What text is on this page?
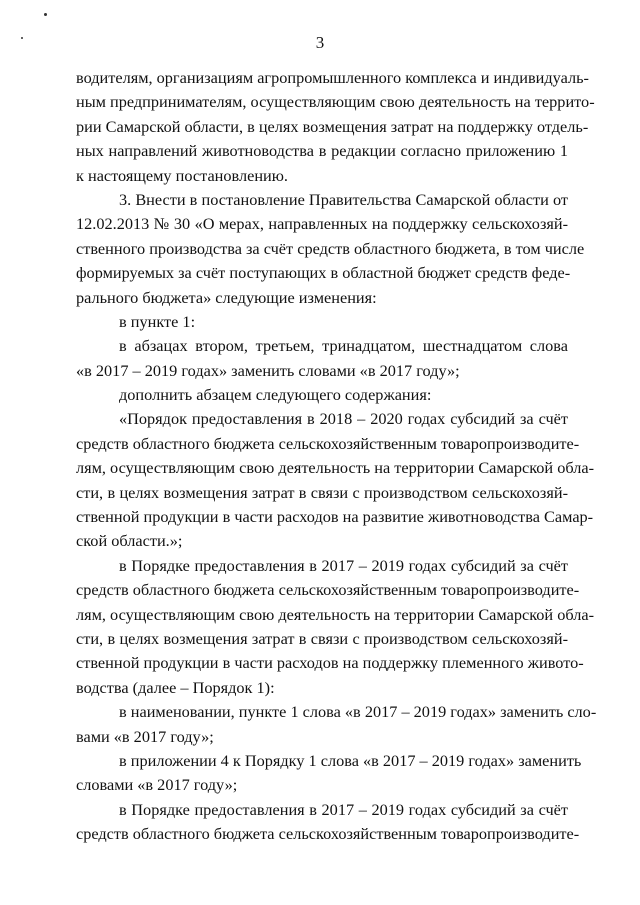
3
водителям, организациям агропромышленного комплекса и индивидуаль-
ным предпринимателям, осуществляющим свою деятельность на террито-
рии Самарской области, в целях возмещения затрат на поддержку отдель-
ных направлений животноводства в редакции согласно приложению 1
к настоящему постановлению.
3. Внести в постановление Правительства Самарской области от
12.02.2013 № 30 «О мерах, направленных на поддержку сельскохозяй-
ственного производства за счёт средств областного бюджета, в том числе
формируемых за счёт поступающих в областной бюджет средств феде-
рального бюджета» следующие изменения:
в пункте 1:
в абзацах втором, третьем, тринадцатом, шестнадцатом слова
«в 2017 – 2019 годах» заменить словами «в 2017 году»;
дополнить абзацем следующего содержания:
«Порядок предоставления в 2018 – 2020 годах субсидий за счёт
средств областного бюджета сельскохозяйственным товаропроизводите-
лям, осуществляющим свою деятельность на территории Самарской обла-
сти, в целях возмещения затрат в связи с производством сельскохозяй-
ственной продукции в части расходов на развитие животноводства Самар-
ской области.»;
в Порядке предоставления в 2017 – 2019 годах субсидий за счёт
средств областного бюджета сельскохозяйственным товаропроизводите-
лям, осуществляющим свою деятельность на территории Самарской обла-
сти, в целях возмещения затрат в связи с производством сельскохозяй-
ственной продукции в части расходов на поддержку племенного живото-
водства (далее – Порядок 1):
в наименовании, пункте 1 слова «в 2017 – 2019 годах» заменить сло-
вами «в 2017 году»;
в приложении 4 к Порядку 1 слова «в 2017 – 2019 годах» заменить
словами «в 2017 году»;
в Порядке предоставления в 2017 – 2019 годах субсидий за счёт
средств областного бюджета сельскохозяйственным товаропроизводите-
